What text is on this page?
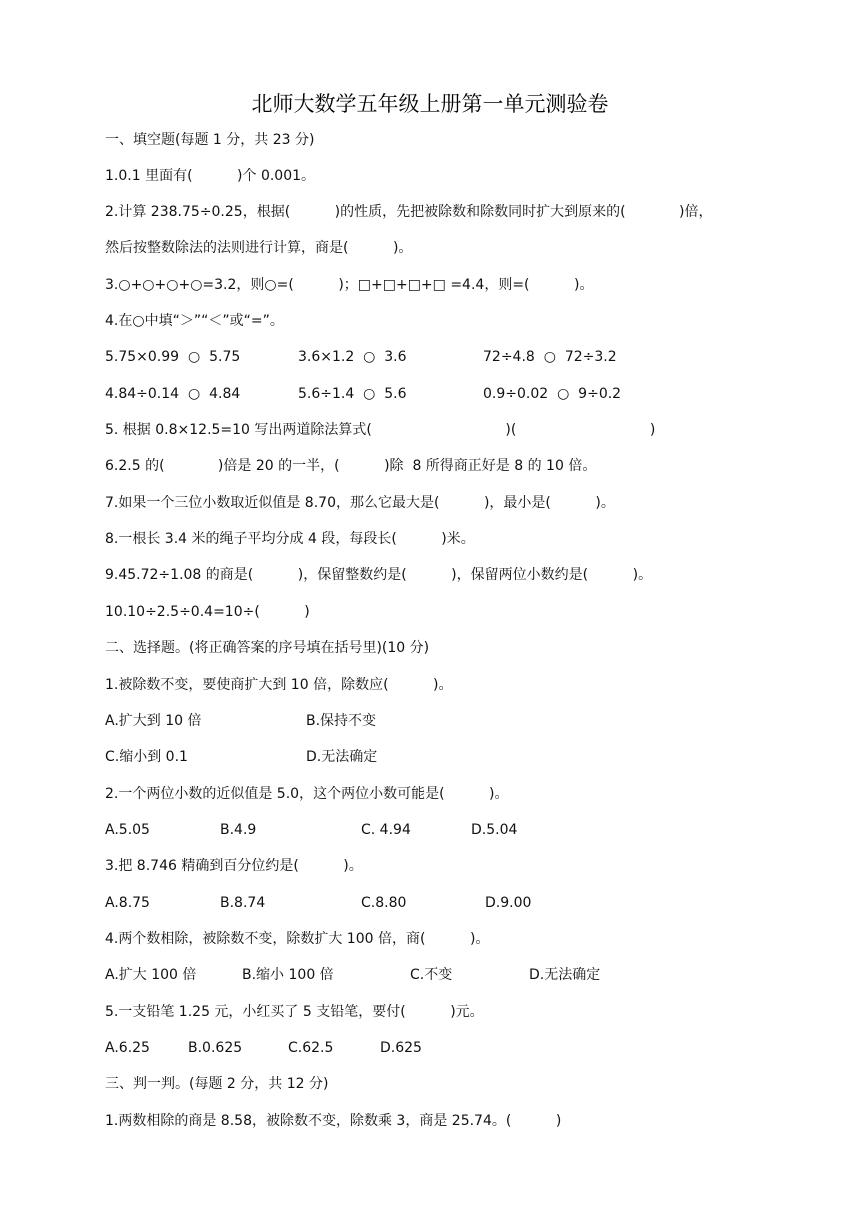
北师大数学五年级上册第一单元测验卷
一、填空题(每题 1 分，共 23 分)
1.0.1 里面有(          )个 0.001。
2.计算 238.75÷0.25，根据(          )的性质，先把被除数和除数同时扩大到原来的(            )倍，
然后按整数除法的法则进行计算，商是(          )。
3.○+○+○+○=3.2，则○=(          )；□+□+□+□ =4.4，则=(          )。
4.在○中填“＞”“＜”或“=”。
5.75×0.99  ○  5.75	3.6×1.2  ○  3.6	72÷4.8  ○  72÷3.2
4.84÷0.14  ○  4.84	5.6÷1.4  ○  5.6	0.9÷0.02  ○  9÷0.2
5. 根据 0.8×12.5=10 写出两道除法算式(                              )(                              )
6.2.5 的(            )倍是 20 的一半，(          )除  8 所得商正好是 8 的 10 倍。
7.如果一个三位小数取近似值是 8.70，那么它最大是(          )，最小是(          )。
8.一根长 3.4 米的绳子平均分成 4 段，每段长(          )米。
9.45.72÷1.08 的商是(          )，保留整数约是(          )，保留两位小数约是(          )。
10.10÷2.5÷0.4=10÷(          )
二、选择题。(将正确答案的序号填在括号里)(10 分)
1.被除数不变，要使商扩大到 10 倍，除数应(          )。
A.扩大到 10 倍	B.保持不变
C.缩小到 0.1	D.无法确定
2.一个两位小数的近似值是 5.0，这个两位小数可能是(          )。
A.5.05	B.4.9	C. 4.94	D.5.04
3.把 8.746 精确到百分位约是(          )。
A.8.75	B.8.74	C.8.80	D.9.00
4.两个数相除，被除数不变，除数扩大 100 倍，商(          )。
A.扩大 100 倍	B.缩小 100 倍	C.不变	D.无法确定
5.一支铅笔 1.25 元，小红买了 5 支铅笔，要付(          )元。
A.6.25	B.0.625	C.62.5	D.625
三、判一判。(每题 2 分，共 12 分)
1.两数相除的商是 8.58，被除数不变，除数乘 3，商是 25.74。(          )
